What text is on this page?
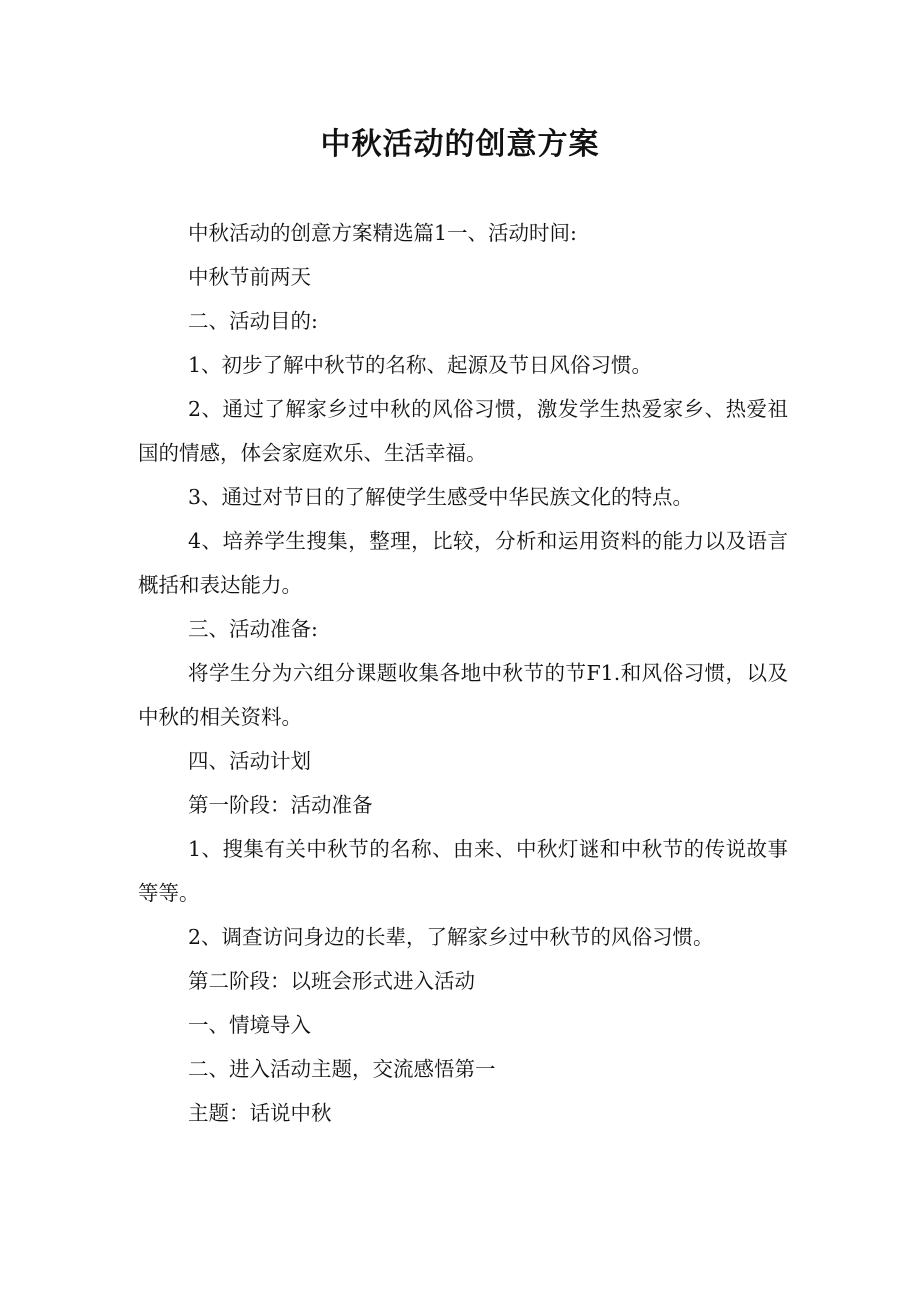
中秋活动的创意方案

中秋活动的创意方案精选篇1一、活动时间:

中秋节前两天

二、活动目的:

1、初步了解中秋节的名称、起源及节日风俗习惯。

2、通过了解家乡过中秋的风俗习惯，激发学生热爱家乡、热爱祖国的情感，体会家庭欢乐、生活幸福。

3、通过对节日的了解使学生感受中华民族文化的特点。

4、培养学生搜集，整理，比较，分析和运用资料的能力以及语言概括和表达能力。

三、活动准备:

将学生分为六组分课题收集各地中秋节的节F1.和风俗习惯，以及中秋的相关资料。

四、活动计划

第一阶段：活动准备

1、搜集有关中秋节的名称、由来、中秋灯谜和中秋节的传说故事等等。

2、调查访问身边的长辈，了解家乡过中秋节的风俗习惯。

第二阶段：以班会形式进入活动

一、情境导入

二、进入活动主题，交流感悟第一

主题：话说中秋
